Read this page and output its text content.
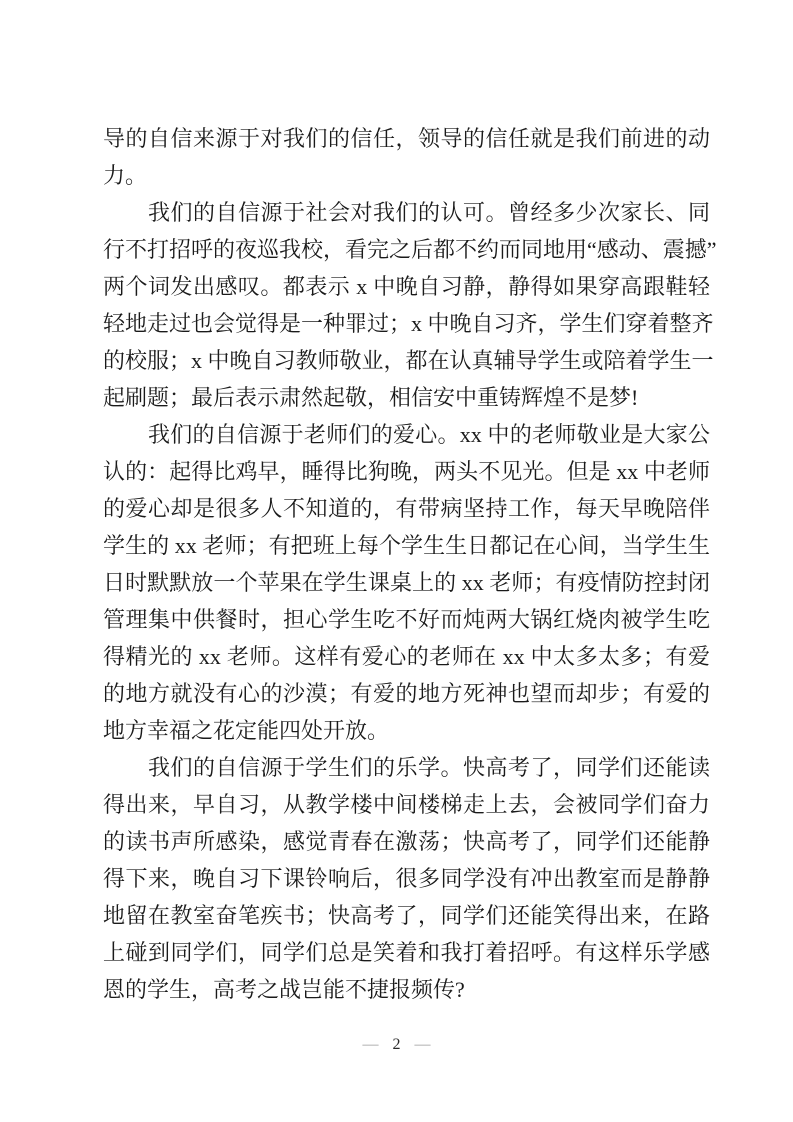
导的自信来源于对我们的信任，领导的信任就是我们前进的动
力。
我们的自信源于社会对我们的认可。曾经多少次家长、同
行不打招呼的夜巡我校，看完之后都不约而同地用“感动、震撼”
两个词发出感叹。都表示 x 中晚自习静，静得如果穿高跟鞋轻
轻地走过也会觉得是一种罪过；x 中晚自习齐，学生们穿着整齐
的校服；x 中晚自习教师敬业，都在认真辅导学生或陪着学生一
起刷题；最后表示肃然起敬，相信安中重铸辉煌不是梦!
我们的自信源于老师们的爱心。xx 中的老师敬业是大家公
认的：起得比鸡早，睡得比狗晚，两头不见光。但是 xx 中老师
的爱心却是很多人不知道的，有带病坚持工作，每天早晚陪伴
学生的 xx 老师；有把班上每个学生生日都记在心间，当学生生
日时默默放一个苹果在学生课桌上的 xx 老师；有疫情防控封闭
管理集中供餐时，担心学生吃不好而炖两大锅红烧肉被学生吃
得精光的 xx 老师。这样有爱心的老师在 xx 中太多太多；有爱
的地方就没有心的沙漠；有爱的地方死神也望而却步；有爱的
地方幸福之花定能四处开放。
我们的自信源于学生们的乐学。快高考了，同学们还能读
得出来，早自习，从教学楼中间楼梯走上去，会被同学们奋力
的读书声所感染，感觉青春在激荡；快高考了，同学们还能静
得下来，晚自习下课铃响后，很多同学没有冲出教室而是静静
地留在教室奋笔疾书；快高考了，同学们还能笑得出来，在路
上碰到同学们，同学们总是笑着和我打着招呼。有这样乐学感
恩的学生，高考之战岂能不捷报频传?
— 2 —
